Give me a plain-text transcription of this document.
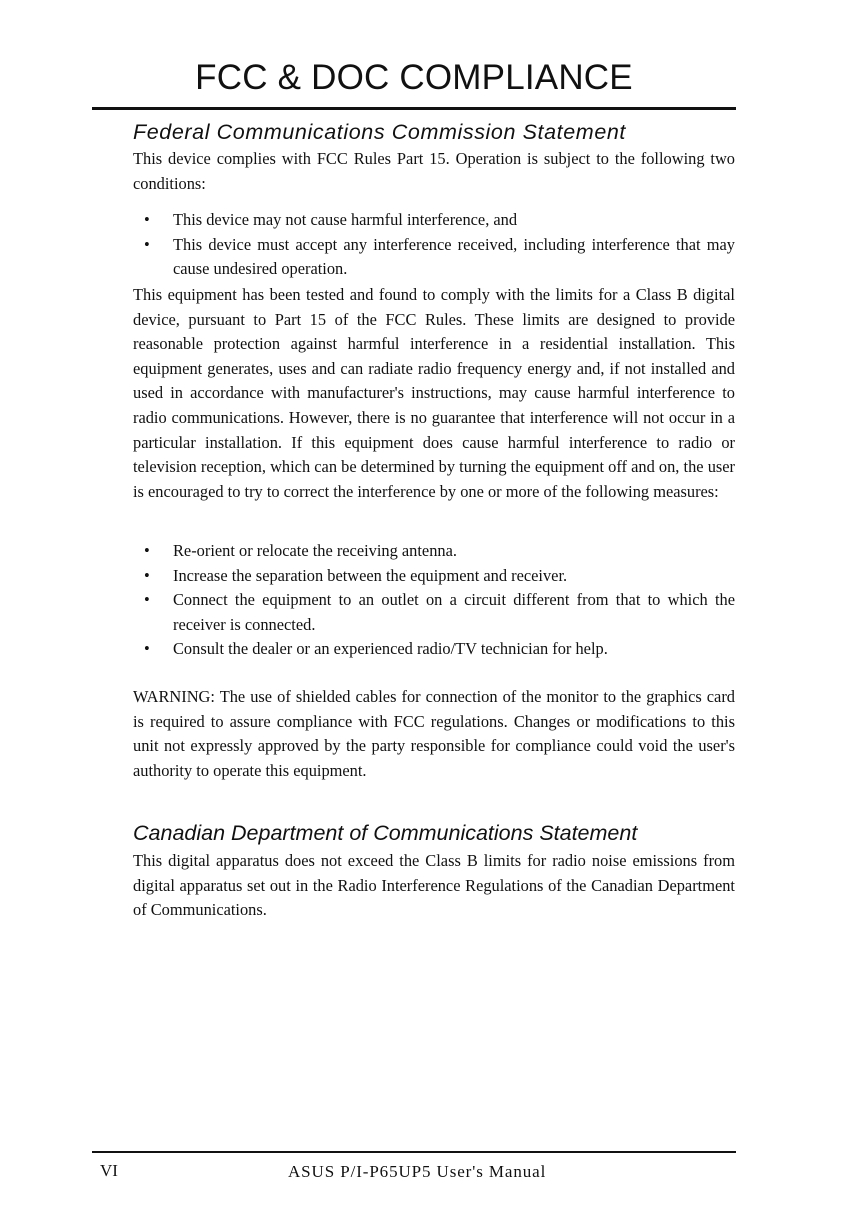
FCC & DOC COMPLIANCE
Federal Communications Commission Statement
This device complies with FCC Rules Part 15. Operation is subject to the following two conditions:
• This device may not cause harmful interference, and
• This device must accept any interference received, including interference that may cause undesired operation.
This equipment has been tested and found to comply with the limits for a Class B digital device, pursuant to Part 15 of the FCC Rules. These limits are designed to provide reasonable protection against harmful interference in a residential installation. This equipment generates, uses and can radiate radio frequency energy and, if not installed and used in accordance with manufacturer's instructions, may cause harmful interference to radio communications. However, there is no guarantee that interference will not occur in a particular installation. If this equipment does cause harmful interference to radio or television reception, which can be determined by turning the equipment off and on, the user is encouraged to try to correct the interference by one or more of the following measures:
• Re-orient or relocate the receiving antenna.
• Increase the separation between the equipment and receiver.
• Connect the equipment to an outlet on a circuit different from that to which the receiver is connected.
• Consult the dealer or an experienced radio/TV technician for help.
WARNING: The use of shielded cables for connection of the monitor to the graphics card is required to assure compliance with FCC regulations. Changes or modifications to this unit not expressly approved by the party responsible for compliance could void the user's authority to operate this equipment.
Canadian Department of Communications Statement
This digital apparatus does not exceed the Class B limits for radio noise emissions from digital apparatus set out in the Radio Interference Regulations of the Canadian Department of Communications.
VI	ASUS P/I-P65UP5 User's Manual
